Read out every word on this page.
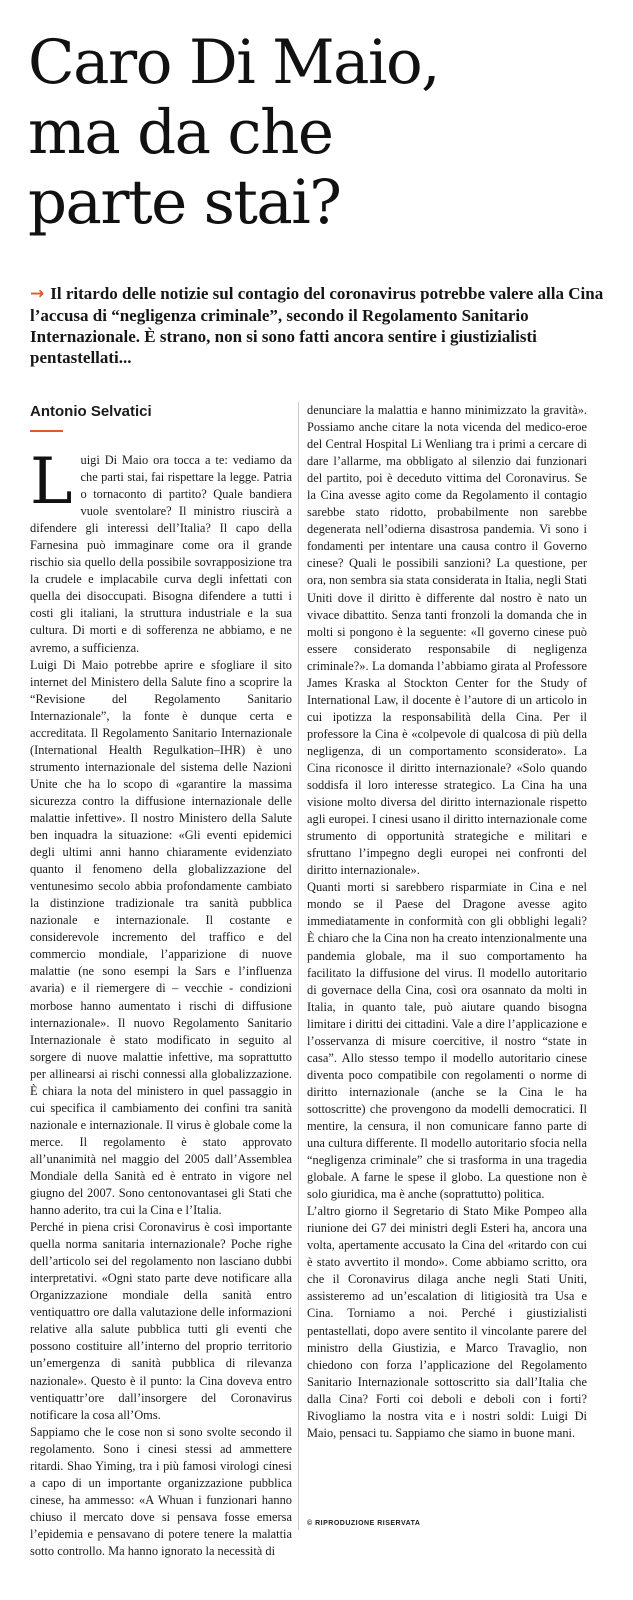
Caro Di Maio,
ma da che
parte stai?

→ Il ritardo delle notizie sul contagio del coronavirus potrebbe valere alla Cina l’accusa di “negligenza criminale”, secondo il Regolamento Sanitario Internazionale. È strano, non si sono fatti ancora sentire i giustizialisti pentastellati...

Antonio Selvatici

Luigi Di Maio ora tocca a te: vediamo da che parti stai, fai rispettare la legge. Patria o tornaconto di partito? Quale bandiera vuole sventolare? Il ministro riuscirà a difendere gli interessi dell’Italia? Il capo della Farnesina può immaginare come ora il grande rischio sia quello della possibile sovrapposizione tra la crudele e implacabile curva degli infettati con quella dei disoccupati. Bisogna difendere a tutti i costi gli italiani, la struttura industriale e la sua cultura. Di morti e di sofferenza ne abbiamo, e ne avremo, a sufficienza.

Luigi Di Maio potrebbe aprire e sfogliare il sito internet del Ministero della Salute fino a scoprire la “Revisione del Regolamento Sanitario Internazionale”, la fonte è dunque certa e accreditata. Il Regolamento Sanitario Internazionale (International Health Regulkation–IHR) è uno strumento internazionale del sistema delle Nazioni Unite che ha lo scopo di «garantire la massima sicurezza contro la diffusione internazionale delle malattie infettive». Il nostro Ministero della Salute ben inquadra la situazione: «Gli eventi epidemici degli ultimi anni hanno chiaramente evidenziato quanto il fenomeno della globalizzazione del ventunesimo secolo abbia profondamente cambiato la distinzione tradizionale tra sanità pubblica nazionale e internazionale. Il costante e considerevole incremento del traffico e del commercio mondiale, l’apparizione di nuove malattie (ne sono esempi la Sars e l’influenza avaria) e il riemergere di – vecchie - condizioni morbose hanno aumentato i rischi di diffusione internazionale». Il nuovo Regolamento Sanitario Internazionale è stato modificato in seguito al sorgere di nuove malattie infettive, ma soprattutto per allinearsi ai rischi connessi alla globalizzazione. È chiara la nota del ministero in quel passaggio in cui specifica il cambiamento dei confini tra sanità nazionale e internazionale. Il virus è globale come la merce. Il regolamento è stato approvato all’unanimità nel maggio del 2005 dall’Assemblea Mondiale della Sanità ed è entrato in vigore nel giugno del 2007. Sono centonovantasei gli Stati che hanno aderito, tra cui la Cina e l’Italia.

Perché in piena crisi Coronavirus è così importante quella norma sanitaria internazionale? Poche righe dell’articolo sei del regolamento non lasciano dubbi interpretativi. «Ogni stato parte deve notificare alla Organizzazione mondiale della sanità entro ventiquattro ore dalla valutazione delle informazioni relative alla salute pubblica tutti gli eventi che possono costituire all’interno del proprio territorio un’emergenza di sanità pubblica di rilevanza nazionale». Questo è il punto: la Cina doveva entro ventiquattr’ore dall’insorgere del Coronavirus notificare la cosa all’Oms.

Sappiamo che le cose non si sono svolte secondo il regolamento. Sono i cinesi stessi ad ammettere ritardi. Shao Yiming, tra i più famosi virologi cinesi a capo di un importante organizzazione pubblica cinese, ha ammesso: «A Whuan i funzionari hanno chiuso il mercato dove si pensava fosse emersa l’epidemia e pensavano di potere tenere la malattia sotto controllo. Ma hanno ignorato la necessità di

denunciare la malattia e hanno minimizzato la gravità». Possiamo anche citare la nota vicenda del medico-eroe del Central Hospital Li Wenliang tra i primi a cercare di dare l’allarme, ma obbligato al silenzio dai funzionari del partito, poi è deceduto vittima del Coronavirus. Se la Cina avesse agito come da Regolamento il contagio sarebbe stato ridotto, probabilmente non sarebbe degenerata nell’odierna disastrosa pandemia. Vi sono i fondamenti per intentare una causa contro il Governo cinese? Quali le possibili sanzioni? La questione, per ora, non sembra sia stata considerata in Italia, negli Stati Uniti dove il diritto è differente dal nostro è nato un vivace dibattito. Senza tanti fronzoli la domanda che in molti si pongono è la seguente: «Il governo cinese può essere considerato responsabile di negligenza criminale?». La domanda l’abbiamo girata al Professore James Kraska al Stockton Center for the Study of International Law, il docente è l’autore di un articolo in cui ipotizza la responsabilità della Cina. Per il professore la Cina è «colpevole di qualcosa di più della negligenza, di un comportamento sconsiderato». La Cina riconosce il diritto internazionale? «Solo quando soddisfa il loro interesse strategico. La Cina ha una visione molto diversa del diritto internazionale rispetto agli europei. I cinesi usano il diritto internazionale come strumento di opportunità strategiche e militari e sfruttano l’impegno degli europei nei confronti del diritto internazionale».

Quanti morti si sarebbero risparmiate in Cina e nel mondo se il Paese del Dragone avesse agito immediatamente in conformità con gli obblighi legali? È chiaro che la Cina non ha creato intenzionalmente una pandemia globale, ma il suo comportamento ha facilitato la diffusione del virus. Il modello autoritario di governace della Cina, così ora osannato da molti in Italia, in quanto tale, può aiutare quando bisogna limitare i diritti dei cittadini. Vale a dire l’applicazione e l’osservanza di misure coercitive, il nostro “state in casa”. Allo stesso tempo il modello autoritario cinese diventa poco compatibile con regolamenti o norme di diritto internazionale (anche se la Cina le ha sottoscritte) che provengono da modelli democratici. Il mentire, la censura, il non comunicare fanno parte di una cultura differente. Il modello autoritario sfocia nella “negligenza criminale” che si trasforma in una tragedia globale. A farne le spese il globo. La questione non è solo giuridica, ma è anche (soprattutto) politica.

L’altro giorno il Segretario di Stato Mike Pompeo alla riunione dei G7 dei ministri degli Esteri ha, ancora una volta, apertamente accusato la Cina del «ritardo con cui è stato avvertito il mondo». Come abbiamo scritto, ora che il Coronavirus dilaga anche negli Stati Uniti, assisteremo ad un’escalation di litigiosità tra Usa e Cina. Torniamo a noi. Perché i giustizialisti pentastellati, dopo avere sentito il vincolante parere del ministro della Giustizia, e Marco Travaglio, non chiedono con forza l’applicazione del Regolamento Sanitario Internazionale sottoscritto sia dall’Italia che dalla Cina? Forti coi deboli e deboli con i forti? Rivogliamo la nostra vita e i nostri soldi: Luigi Di Maio, pensaci tu. Sappiamo che siamo in buone mani.

© RIPRODUZIONE RISERVATA
